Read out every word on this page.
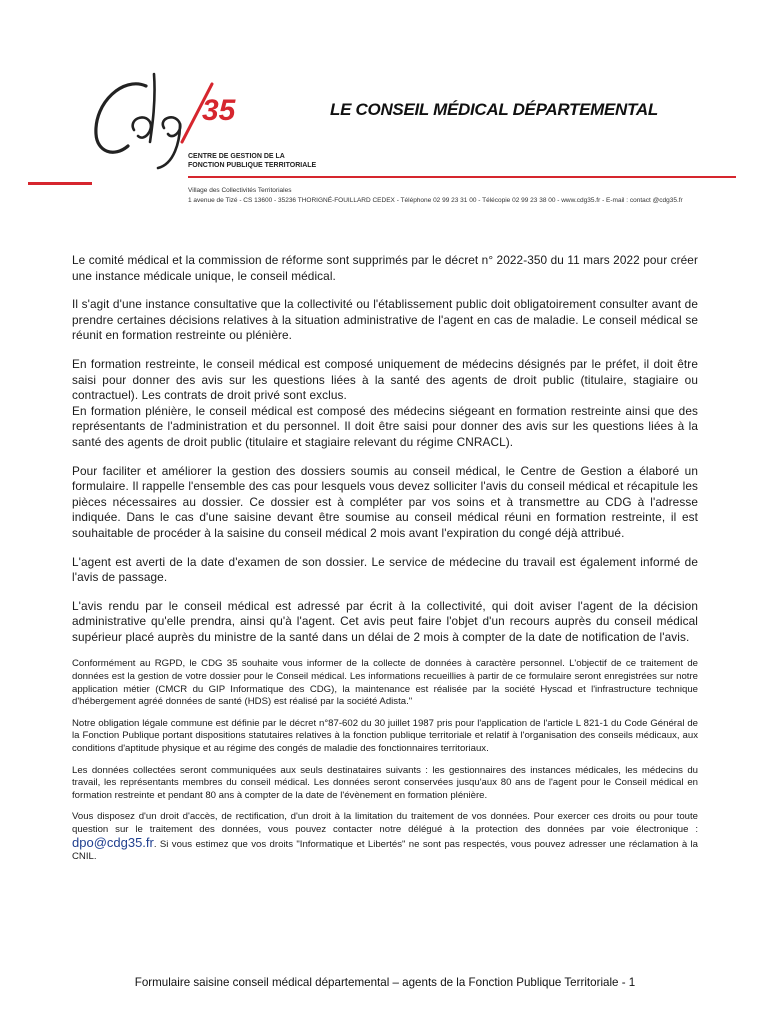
35
CENTRE DE GESTION DE LA
FONCTION PUBLIQUE TERRITORIALE
Village des Collectivités Territoriales
1 avenue de Tizé - CS 13600 - 35236 THORIGNÉ-FOUILLARD CEDEX - Téléphone 02 99 23 31 00 - Télécopie 02 99 23 38 00 - www.cdg35.fr - E-mail : contact @cdg35.fr
LE CONSEIL MÉDICAL DÉPARTEMENTAL

Le comité médical et la commission de réforme sont supprimés par le décret n° 2022-350 du 11 mars 2022 pour créer une instance médicale unique, le conseil médical.

Il s'agit d'une instance consultative que la collectivité ou l'établissement public doit obligatoirement consulter avant de prendre certaines décisions relatives à la situation administrative de l'agent en cas de maladie. Le conseil médical se réunit en formation restreinte ou plénière.

En formation restreinte, le conseil médical est composé uniquement de médecins désignés par le préfet, il doit être saisi pour donner des avis sur les questions liées à la santé des agents de droit public (titulaire, stagiaire ou contractuel). Les contrats de droit privé sont exclus.

En formation plénière, le conseil médical est composé des médecins siégeant en formation restreinte ainsi que des représentants de l'administration et du personnel. Il doit être saisi pour donner des avis sur les questions liées à la santé des agents de droit public (titulaire et stagiaire relevant du régime CNRACL).

Pour faciliter et améliorer la gestion des dossiers soumis au conseil médical, le Centre de Gestion a élaboré un formulaire. Il rappelle l'ensemble des cas pour lesquels vous devez solliciter l'avis du conseil médical et récapitule les pièces nécessaires au dossier. Ce dossier est à compléter par vos soins et à transmettre au CDG à l'adresse indiquée. Dans le cas d'une saisine devant être soumise au conseil médical réuni en formation restreinte, il est souhaitable de procéder à la saisine du conseil médical 2 mois avant l'expiration du congé déjà attribué.

L'agent est averti de la date d'examen de son dossier. Le service de médecine du travail est également informé de l'avis de passage.

L'avis rendu par le conseil médical est adressé par écrit à la collectivité, qui doit aviser l'agent de la décision administrative qu'elle prendra, ainsi qu'à l'agent. Cet avis peut faire l'objet d'un recours auprès du conseil médical supérieur placé auprès du ministre de la santé dans un délai de 2 mois à compter de la date de notification de l'avis.

Conformément au RGPD, le CDG 35 souhaite vous informer de la collecte de données à caractère personnel. L'objectif de ce traitement de données est la gestion de votre dossier pour le Conseil médical. Les informations recueillies à partir de ce formulaire seront enregistrées sur notre application métier (CMCR du GIP Informatique des CDG), la maintenance est réalisée par la société Hyscad et l'infrastructure technique d'hébergement agréé données de santé (HDS) est réalisé par la société Adista."

Notre obligation légale commune est définie par le décret n°87-602 du 30 juillet 1987 pris pour l'application de l'article L 821-1 du Code Général de la Fonction Publique portant dispositions statutaires relatives à la fonction publique territoriale et relatif à l'organisation des conseils médicaux, aux conditions d'aptitude physique et au régime des congés de maladie des fonctionnaires territoriaux.

Les données collectées seront communiquées aux seuls destinataires suivants : les gestionnaires des instances médicales, les médecins du travail, les représentants membres du conseil médical. Les données seront conservées jusqu'aux 80 ans de l'agent pour le Conseil médical en formation restreinte et pendant 80 ans à compter de la date de l'évènement en formation plénière.

Vous disposez d'un droit d'accès, de rectification, d'un droit à la limitation du traitement de vos données. Pour exercer ces droits ou pour toute question sur le traitement des données, vous pouvez contacter notre délégué à la protection des données par voie électronique : dpo@cdg35.fr. Si vous estimez que vos droits "Informatique et Libertés" ne sont pas respectés, vous pouvez adresser une réclamation à la CNIL.

Formulaire saisine conseil médical départemental – agents de la Fonction Publique Territoriale - 1
